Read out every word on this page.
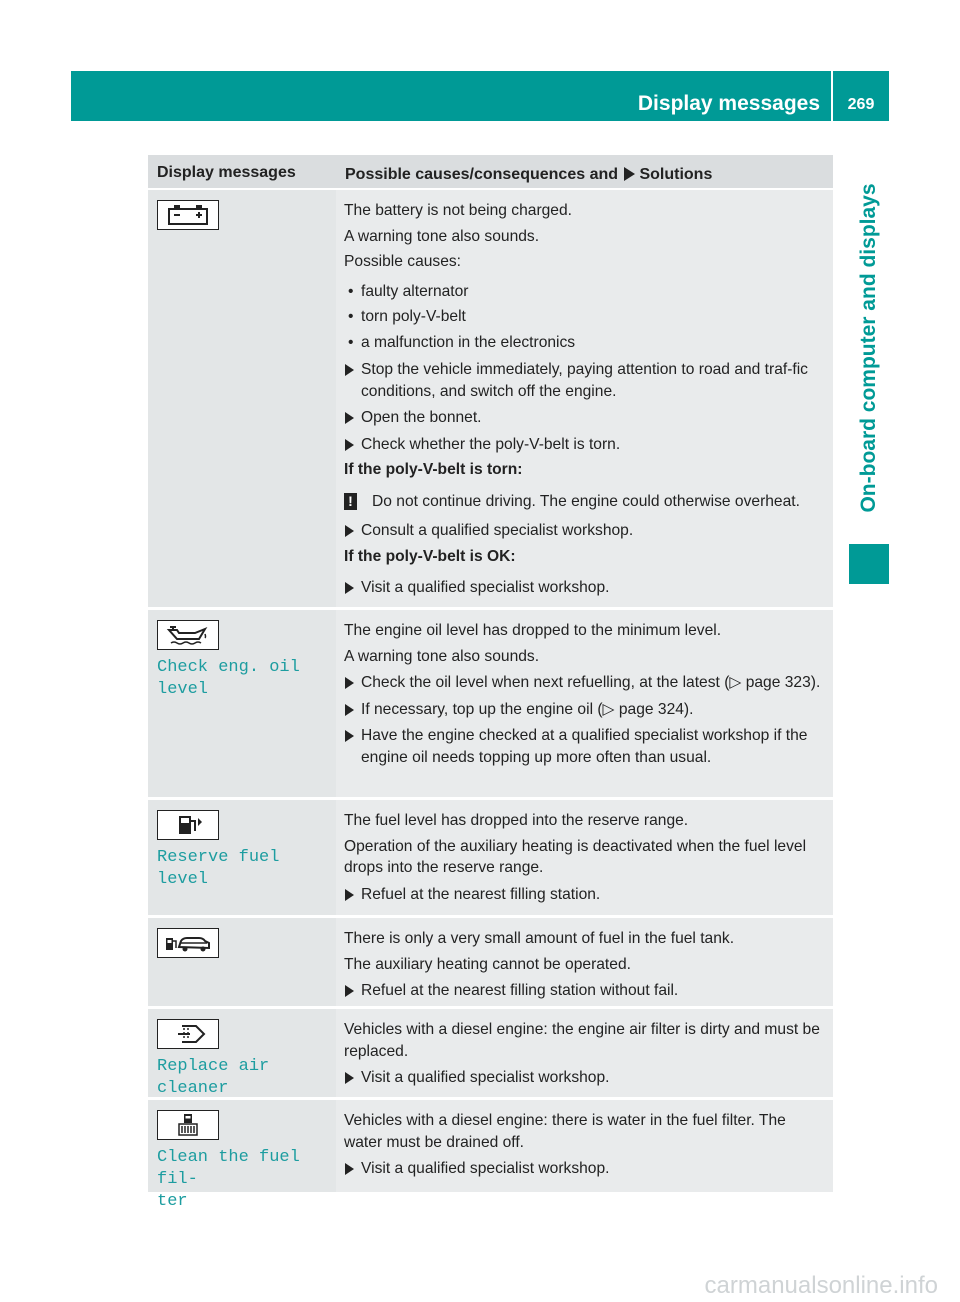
Display messages	269
On-board computer and displays
Display messages	Possible causes/consequences and Solutions

The battery is not being charged.

A warning tone also sounds.

Possible causes:

• faulty alternator
• torn poly-V-belt
• a malfunction in the electronics
Stop the vehicle immediately, paying attention to road and traf-fic conditions, and switch off the engine.
Open the bonnet.
Check whether the poly-V-belt is torn.

If the poly-V-belt is torn:

! Do not continue driving. The engine could otherwise overheat.
Consult a qualified specialist workshop.

If the poly-V-belt is OK:

Visit a qualified specialist workshop.
Check eng. oil
level

The engine oil level has dropped to the minimum level.

A warning tone also sounds.

Check the oil level when next refuelling, at the latest (▷ page 323).
If necessary, top up the engine oil (▷ page 324).
Have the engine checked at a qualified specialist workshop if the engine oil needs topping up more often than usual.
Reserve fuel level

The fuel level has dropped into the reserve range.

Operation of the auxiliary heating is deactivated when the fuel level drops into the reserve range.

Refuel at the nearest filling station.

There is only a very small amount of fuel in the fuel tank.

The auxiliary heating cannot be operated.

Refuel at the nearest filling station without fail.
Replace air cleaner

Vehicles with a diesel engine: the engine air filter is dirty and must be replaced.

Visit a qualified specialist workshop.
Clean the fuel fil-
ter

Vehicles with a diesel engine: there is water in the fuel filter. The water must be drained off.

Visit a qualified specialist workshop.
carmanualsonline.info
